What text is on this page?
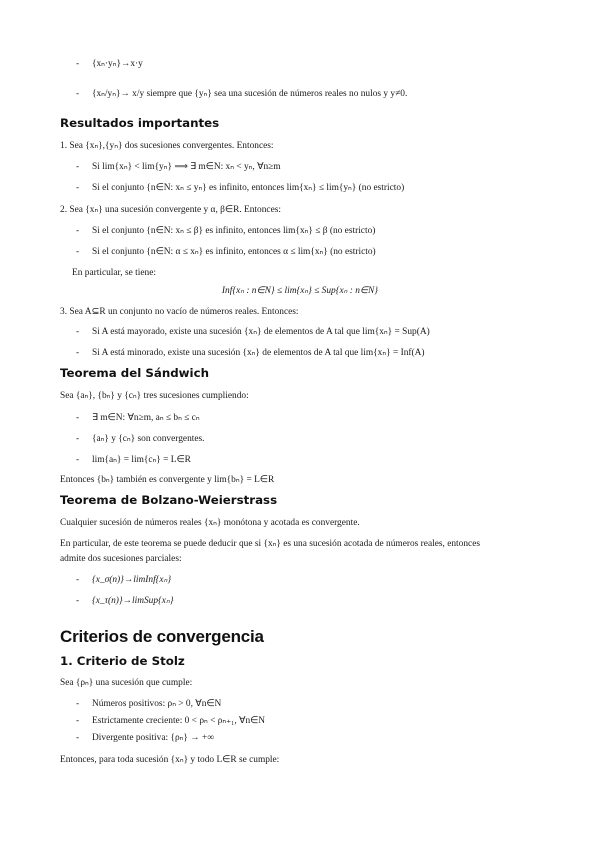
- {xₙ·yₙ}→x·y
- {xₙ/yₙ}→ x/y siempre que {yₙ} sea una sucesión de números reales no nulos y y≠0.
Resultados importantes
1. Sea {xₙ},{yₙ} dos sucesiones convergentes. Entonces:
- Si lim{xₙ} < lim{yₙ} ⟹ ∃ m∈N: xₙ < yₙ, ∀n≥m
- Si el conjunto {n∈N: xₙ ≤ yₙ} es infinito, entonces lim{xₙ} ≤ lim{yₙ} (no estricto)
2. Sea {xₙ} una sucesión convergente y α, β∈R. Entonces:
- Si el conjunto {n∈N: xₙ ≤ β} es infinito, entonces lim{xₙ} ≤ β (no estricto)
- Si el conjunto {n∈N: α ≤ xₙ} es infinito, entonces α ≤ lim{xₙ} (no estricto)
En particular, se tiene:
Inf{xₙ : n∈N} ≤ lim{xₙ} ≤ Sup{xₙ : n∈N}
3. Sea A⊆R un conjunto no vacío de números reales. Entonces:
- Si A está mayorado, existe una sucesión {xₙ} de elementos de A tal que lim{xₙ} = Sup(A)
- Si A está minorado, existe una sucesión {xₙ} de elementos de A tal que lim{xₙ} = Inf(A)
Teorema del Sándwich
Sea {aₙ}, {bₙ} y {cₙ} tres sucesiones cumpliendo:
- ∃ m∈N: ∀n≥m, aₙ ≤ bₙ ≤ cₙ
- {aₙ} y {cₙ} son convergentes.
- lim{aₙ} = lim{cₙ} = L∈R
Entonces {bₙ} también es convergente y lim{bₙ} = L∈R
Teorema de Bolzano-Weierstrass
Cualquier sucesión de números reales {xₙ} monótona y acotada es convergente.
En particular, de este teorema se puede deducir que si {xₙ} es una sucesión acotada de números reales, entonces
admite dos sucesiones parciales:
- {x_σ(n)}→limInf{xₙ}
- {x_τ(n)}→limSup{xₙ}
Criterios de convergencia
1. Criterio de Stolz
Sea {ρₙ} una sucesión que cumple:
- Números positivos: ρₙ > 0, ∀n∈N
- Estrictamente creciente: 0 < ρₙ < ρₙ₊₁, ∀n∈N
- Divergente positiva: {ρₙ} → +∞
Entonces, para toda sucesión {xₙ} y todo L∈R se cumple:
